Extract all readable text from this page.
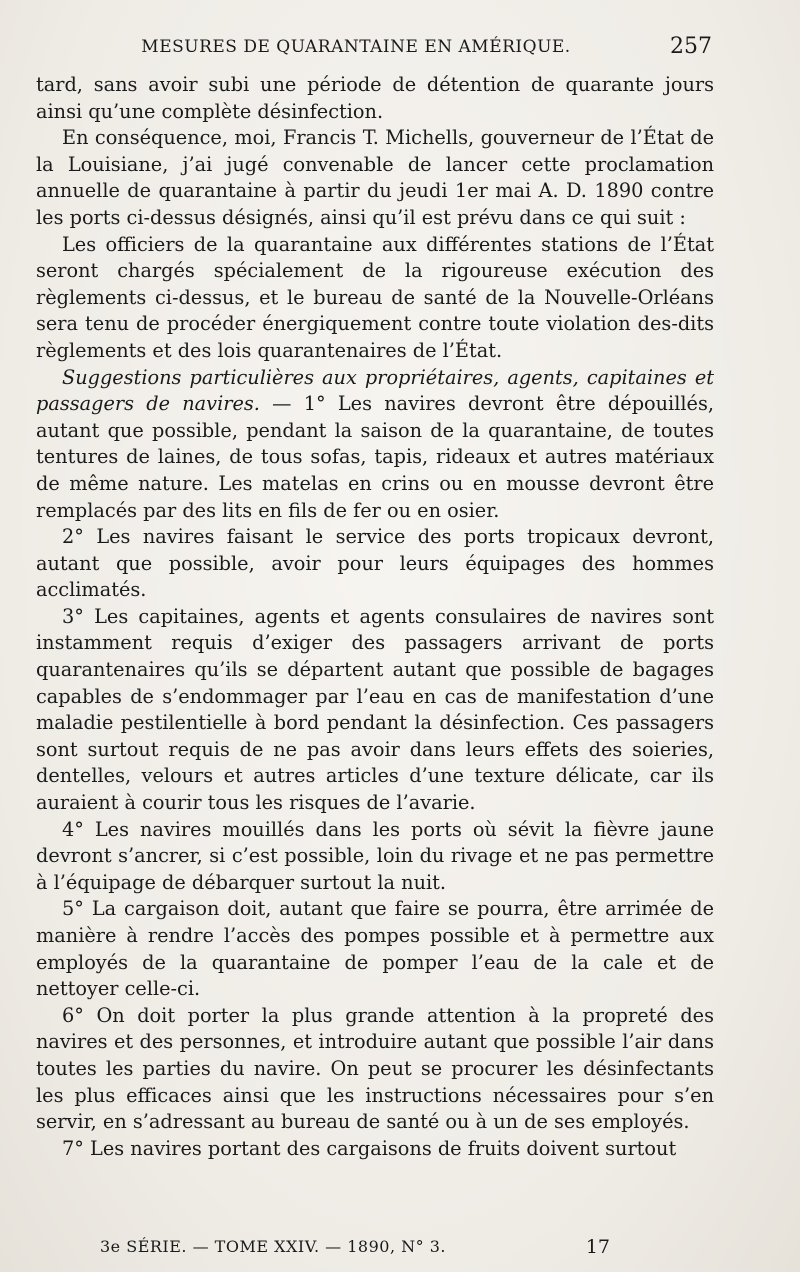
MESURES DE QUARANTAINE EN AMÉRIQUE.	257

tard, sans avoir subi une période de détention de quarante jours ainsi qu’une complète désinfection.

En conséquence, moi, Francis T. Michells, gouverneur de l’État de la Louisiane, j’ai jugé convenable de lancer cette proclamation annuelle de quarantaine à partir du jeudi 1er mai A. D. 1890 contre les ports ci-dessus désignés, ainsi qu’il est prévu dans ce qui suit :

Les officiers de la quarantaine aux différentes stations de l’État seront chargés spécialement de la rigoureuse exécution des règlements ci-dessus, et le bureau de santé de la Nouvelle-Orléans sera tenu de procéder énergiquement contre toute violation des-dits règlements et des lois quarantenaires de l’État.

Suggestions particulières aux propriétaires, agents, capitaines et passagers de navires. — 1° Les navires devront être dépouillés, autant que possible, pendant la saison de la quarantaine, de toutes tentures de laines, de tous sofas, tapis, rideaux et autres matériaux de même nature. Les matelas en crins ou en mousse devront être remplacés par des lits en fils de fer ou en osier.

2° Les navires faisant le service des ports tropicaux devront, autant que possible, avoir pour leurs équipages des hommes acclimatés.

3° Les capitaines, agents et agents consulaires de navires sont instamment requis d’exiger des passagers arrivant de ports quarantenaires qu’ils se départent autant que possible de bagages capables de s’endommager par l’eau en cas de manifestation d’une maladie pestilentielle à bord pendant la désinfection. Ces passagers sont surtout requis de ne pas avoir dans leurs effets des soieries, dentelles, velours et autres articles d’une texture délicate, car ils auraient à courir tous les risques de l’avarie.

4° Les navires mouillés dans les ports où sévit la fièvre jaune devront s’ancrer, si c’est possible, loin du rivage et ne pas permettre à l’équipage de débarquer surtout la nuit.

5° La cargaison doit, autant que faire se pourra, être arrimée de manière à rendre l’accès des pompes possible et à permettre aux employés de la quarantaine de pomper l’eau de la cale et de nettoyer celle-ci.

6° On doit porter la plus grande attention à la propreté des navires et des personnes, et introduire autant que possible l’air dans toutes les parties du navire. On peut se procurer les désinfectants les plus efficaces ainsi que les instructions nécessaires pour s’en servir, en s’adressant au bureau de santé ou à un de ses employés.

7° Les navires portant des cargaisons de fruits doivent surtout

3e SÉRIE. — TOME XXIV. — 1890, N° 3.	17
